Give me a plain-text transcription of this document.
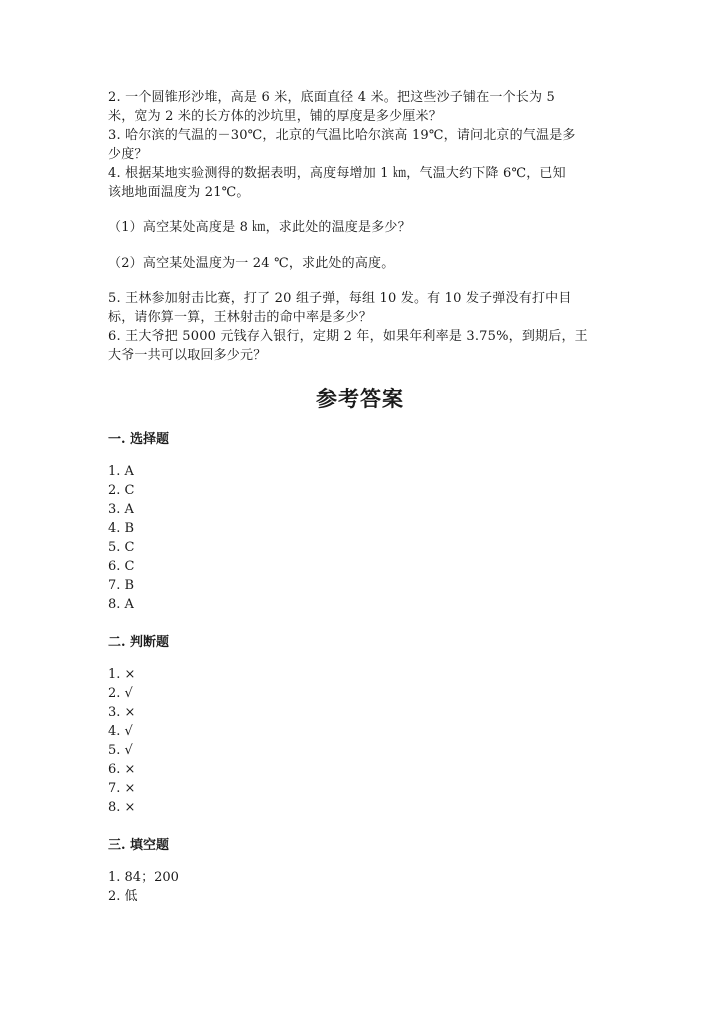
2. 一个圆锥形沙堆，高是 6 米，底面直径 4 米。把这些沙子铺在一个长为 5
米，宽为 2 米的长方体的沙坑里，铺的厚度是多少厘米？
3. 哈尔滨的气温的－30℃，北京的气温比哈尔滨高 19℃，请问北京的气温是多
少度？
4. 根据某地实验测得的数据表明，高度每增加 1 ㎞，气温大约下降 6℃，已知
该地地面温度为 21℃。
（1）高空某处高度是 8 ㎞，求此处的温度是多少？
（2）高空某处温度为一 24 ℃，求此处的高度。
5. 王林参加射击比赛，打了 20 组子弹，每组 10 发。有 10 发子弹没有打中目
标，请你算一算，王林射击的命中率是多少？
6. 王大爷把 5000 元钱存入银行，定期 2 年，如果年利率是 3.75%，到期后，王
大爷一共可以取回多少元？
参考答案
一. 选择题
1. A
2. C
3. A
4. B
5. C
6. C
7. B
8. A
二. 判断题
1. ×
2. √
3. ×
4. √
5. √
6. ×
7. ×
8. ×
三. 填空题
1. 84；200
2. 低
